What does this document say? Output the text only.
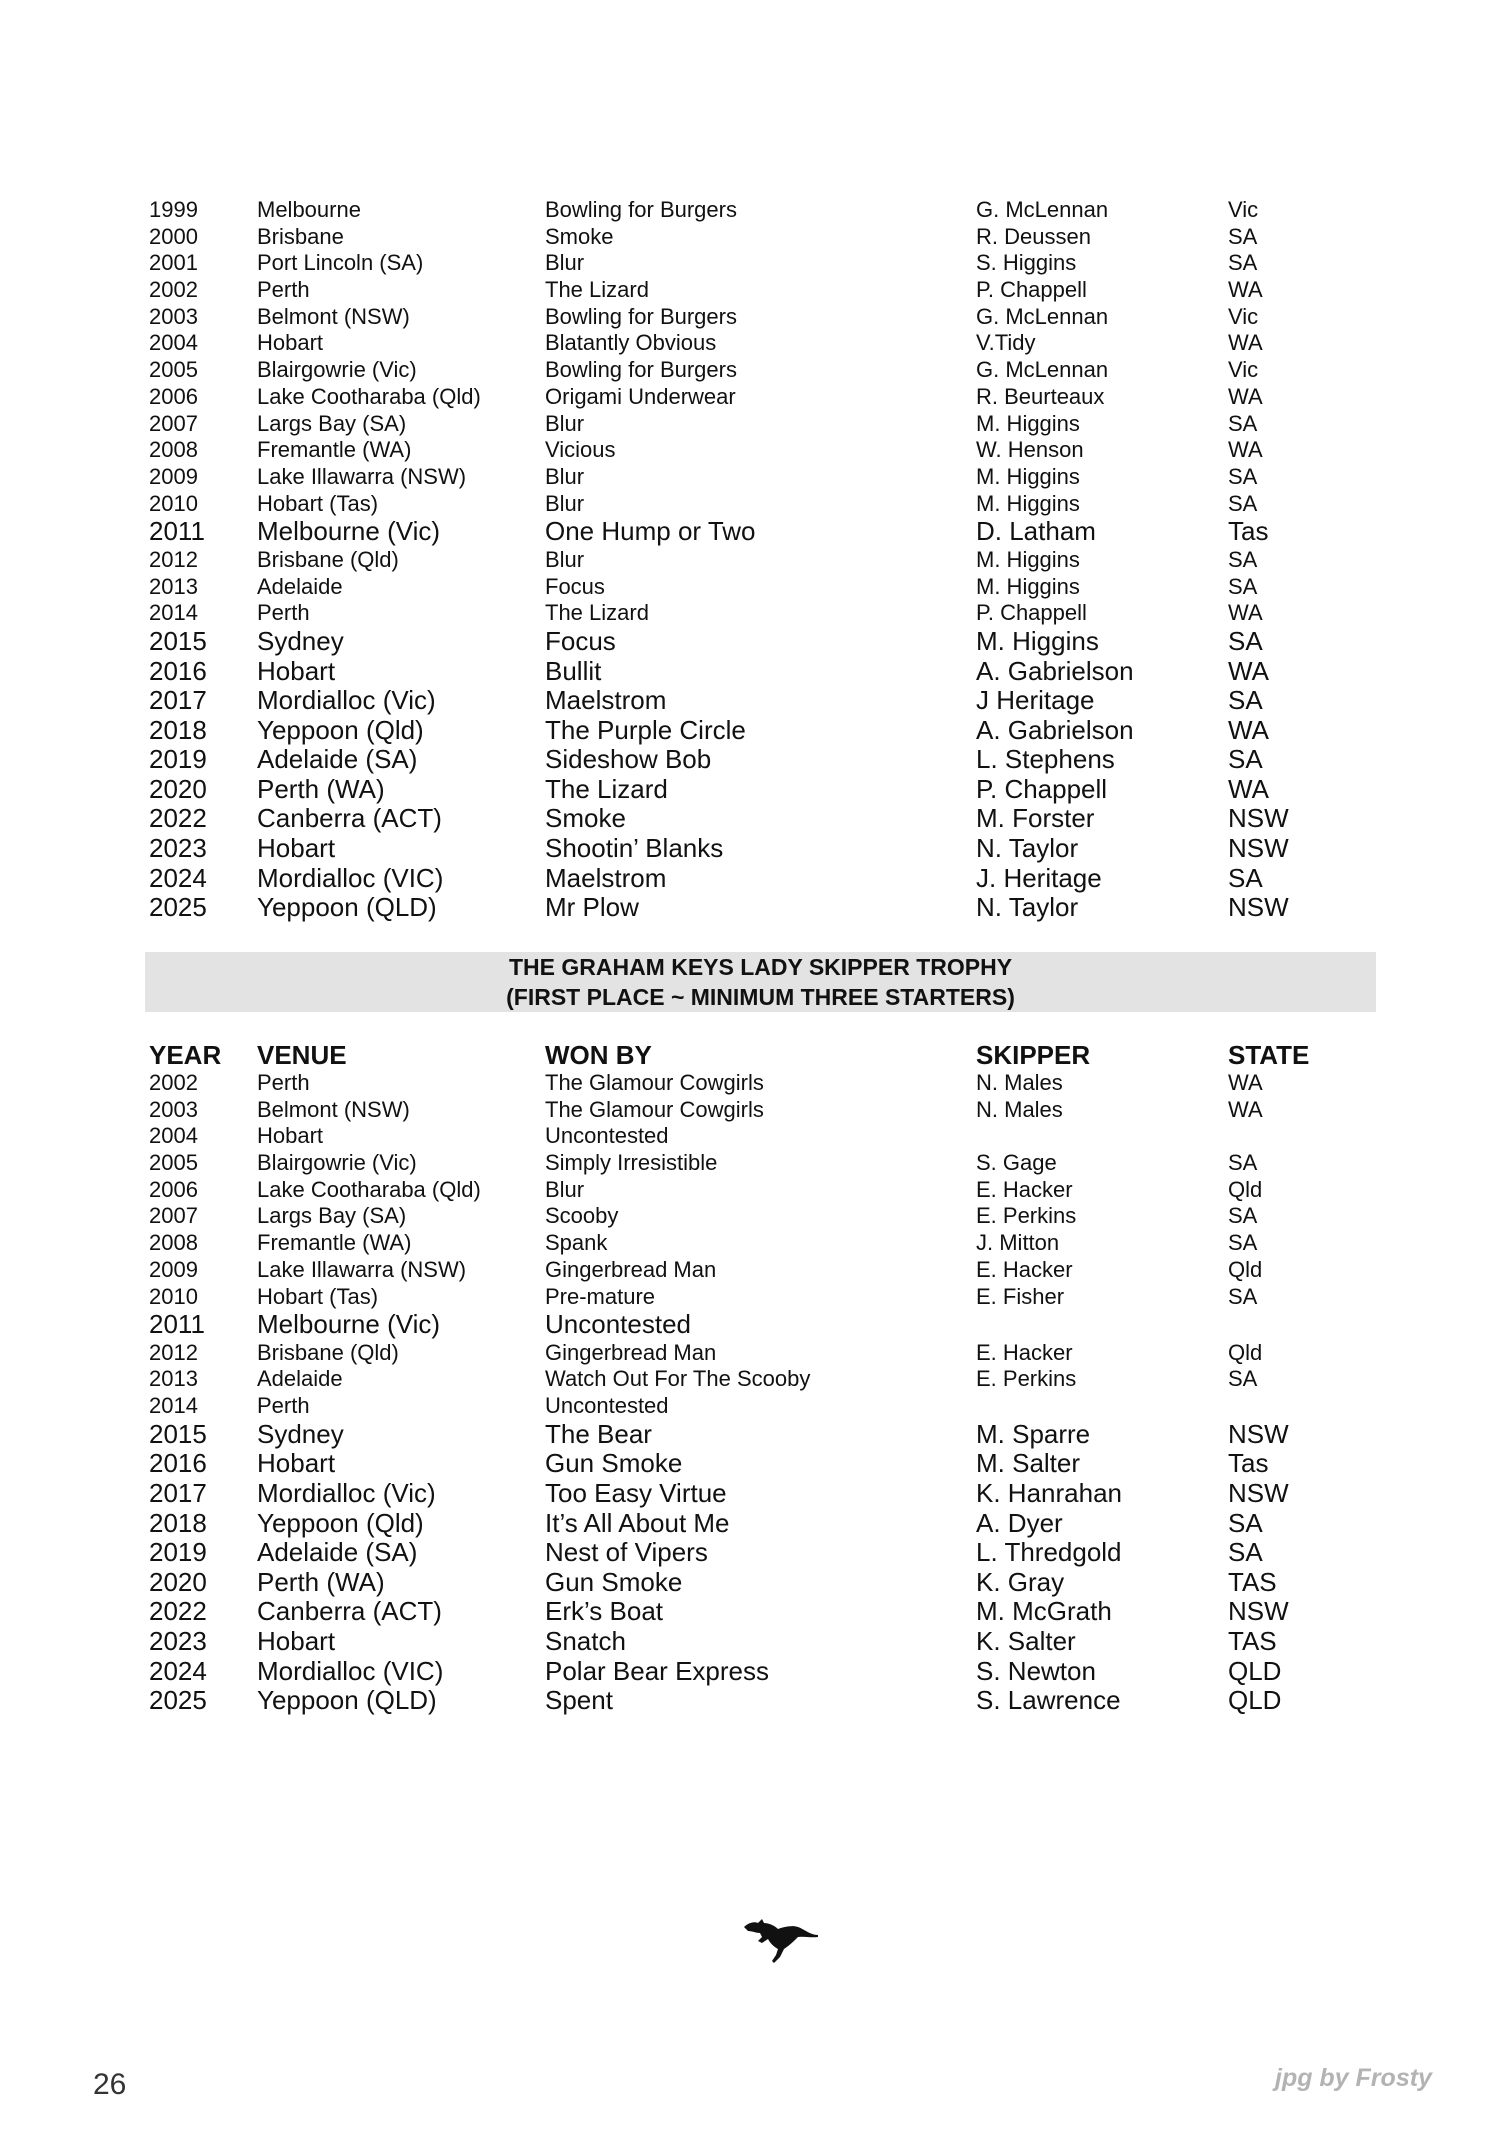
1999	Melbourne	Bowling for Burgers	G. McLennan	Vic
2000	Brisbane	Smoke	R. Deussen	SA
2001	Port Lincoln (SA)	Blur	S. Higgins	SA
2002	Perth	The Lizard	P. Chappell	WA
2003	Belmont (NSW)	Bowling for Burgers	G. McLennan	Vic
2004	Hobart	Blatantly Obvious	V.Tidy	WA
2005	Blairgowrie (Vic)	Bowling for Burgers	G. McLennan	Vic
2006	Lake Cootharaba (Qld)	Origami Underwear	R. Beurteaux	WA
2007	Largs Bay (SA)	Blur	M. Higgins	SA
2008	Fremantle (WA)	Vicious	W. Henson	WA
2009	Lake Illawarra (NSW)	Blur	M. Higgins	SA
2010	Hobart (Tas)	Blur	M. Higgins	SA
2011 Melbourne (Vic)	One Hump or Two	D. Latham	Tas
2012	Brisbane (Qld)	Blur	M. Higgins	SA
2013	Adelaide	Focus	M. Higgins	SA
2014	Perth	The Lizard	P. Chappell	WA
2015 Sydney	Focus	M. Higgins	SA
2016 Hobart	Bullit	A. Gabrielson	WA
2017 Mordialloc (Vic)	Maelstrom	J Heritage	SA
2018 Yeppoon (Qld)	The Purple Circle	A. Gabrielson	WA
2019 Adelaide (SA)	Sideshow Bob	L. Stephens	SA
2020 Perth (WA)	The Lizard	P. Chappell	WA
2022 Canberra (ACT)	Smoke	M. Forster	NSW
2023 Hobart	Shootin’ Blanks	N. Taylor	NSW
2024 Mordialloc (VIC)	Maelstrom	J. Heritage	SA
2025 Yeppoon (QLD)	Mr Plow	N. Taylor	NSW
THE GRAHAM KEYS LADY SKIPPER TROPHY
(FIRST PLACE ~ MINIMUM THREE STARTERS)
YEAR VENUE	WON BY	SKIPPER	STATE
2002	Perth	The Glamour Cowgirls	N. Males	WA
2003	Belmont (NSW)	The Glamour Cowgirls	N. Males	WA
2004	Hobart	Uncontested
2005	Blairgowrie (Vic)	Simply Irresistible	S. Gage	SA
2006	Lake Cootharaba (Qld)	Blur	E. Hacker	Qld
2007	Largs Bay (SA)	Scooby	E. Perkins	SA
2008	Fremantle (WA)	Spank	J. Mitton	SA
2009	Lake Illawarra (NSW)	Gingerbread Man	E. Hacker	Qld
2010	Hobart (Tas)	Pre-mature	E. Fisher	SA
2011 Melbourne (Vic)	Uncontested
2012	Brisbane (Qld)	Gingerbread Man	E. Hacker	Qld
2013	Adelaide	Watch Out For The Scooby	E. Perkins	SA
2014	Perth	Uncontested
2015 Sydney	The Bear	M. Sparre	NSW
2016 Hobart	Gun Smoke	M. Salter	Tas
2017 Mordialloc (Vic)	Too Easy Virtue	K. Hanrahan	NSW
2018 Yeppoon (Qld)	It’s All About Me	A. Dyer	SA
2019 Adelaide (SA)	Nest of Vipers	L. Thredgold	SA
2020 Perth (WA)	Gun Smoke	K. Gray	TAS
2022 Canberra (ACT)	Erk’s Boat	M. McGrath	NSW
2023 Hobart	Snatch	K. Salter	TAS
2024 Mordialloc (VIC)	Polar Bear Express	S. Newton	QLD
2025 Yeppoon (QLD)	Spent	S. Lawrence	QLD
26	jpg by Frosty
